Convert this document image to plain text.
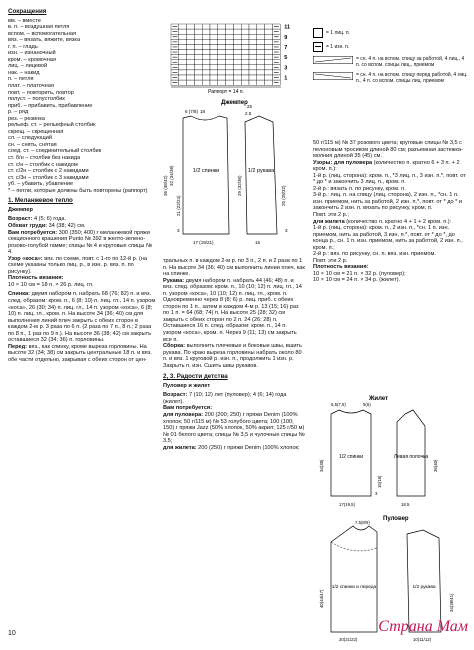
Сокращения

вм. – вместе

в. п. – воздушная петля

вспом. – вспомогательная

вяз. – вязать, вяжите, вязка

г. п. – гладь

изн. – изнаночный

кром. – кромочная

лиц. – лицевой

нак. – накид

п. – петля

плат. – платочная

повт. – повторить, повтор

полуст. – полустолбик

приб. – прибавить, прибавление

р. – ряд

рез. – резинка

рельеф. ст. – рельефный столбик

скрещ. – скрещенная

сл. – следующий

сн. – снять, снятая

соед. ст. – соединительный столбик

ст. б/н – столбик без накида

ст. с/н – столбик с накидом

ст. с/2н – столбик с 2 накидами

ст. с/3н – столбик с 3 накидами

уб. – убавить, убавление

* – петли, которые должны быть повторены (раппорт)

1. Меланжевое тепло

Джемпер

Возраст: 4 (5; 6) года.

Обхват груди: 34 (38; 42) см.

Вам потребуется: 300 (350; 400) г меланжевой пряжи секционного крашения Punto № 392 в желто-зелено-розово-голубой гамме; спицы № 4 и круговые спицы № 4.

Узор «коса»: вяз. по схеме, повт. с 1-го по 12-й р. (на схеме указаны только лиц. р., в изн. р. вяз. п. по рисунку).

Плотность вязания:

10 × 10 см = 18 п. × 26 р. лиц. гл.

Спинка: двумя набором п. набрать 68 (76; 82) п. и вяз. след. образом: кром. п., 6 (8; 10) п. лиц. гл., 14 п. узором «коса», 26 (30; 34) п. лиц. гл., 14 п. узором «коса», 6 (8; 10) п. лиц. гл., кром. п. На высоте 34 (36; 40) см для выполнения линий плеч закрыть с обеих сторон в каждом 2-м р. 3 раза по 6 п. (2 раза по 7 п., 8 п.; 2 раза по 8 п., 1 раз по 9 п.). На высоте 36 (38; 42) см закрыть оставшиеся 32 (34; 36) п. горловины.

Перед: вяз., как спинку, кроме выреза горловины. На высоте 32 (34; 38) см закрыть центральные 18 п. и вяз. обе части отдельно, закрывая с обеих сторон от цен-

11
9
7
5
3
1
Раппорт = 14 п.
= 1 лиц. п.
= 1 изн. п.
= сн. 4 п. на вспом. спицу за работой, 4 лиц., 4 п. со вспом. спицы лиц., приемом
= сн. 4 п. на вспом. спицу перед работой, 4 лиц. п., 4 п. со вспом. спицы лиц. приемом
Джемпер
1/2 спинки
6 (7/8) 18
32 (34/38)
36 (38/42)
21 (22/24)
3
17 (19/21)
1/2 рукава
25
2.5
25 (28/32)
29 (32/36)
3
16

тральных п. в каждом 2-м р. по 3 п., 2 п. и 2 раза по 1 п. На высоте 34 (36; 40) см выполнить линии плеч, как на спинке.

Рукава: двумя набором п. набрать 44 (46; 48) п. и вяз. след. образом: кром. п., 10 (10; 12) п. лиц. гл., 14 п. узором «коса», 10 (10; 12) п. лиц. гл., кром. п. Одновременно через 8 (8; 6) р. лиц. приб. с обеих сторон по 1 п., затем в каждом 4-м р. 13 (15; 16) раз по 1 п. = 64 (68; 74) п. На высоте 25 (28; 32) см закрыть с обеих сторон по 2 п. 24 (26; 28) п. Оставшиеся 16 п. след. образом: кром. п., 14 п. узором «коса», кром. п. Через 9 (11; 13) см закрыть все п.

Сборка: выполнить плечевые и боковые швы, вшить рукава. По краю выреза горловины набрать около 80 п. и вяз. 1 круговой р. изн. п., продолжить 1 изн. р. Закрыть п. изн. Сшить швы рукавов.

2, 3. Радости детства

Пуловер и жилет

Возраст: 7 (10; 12) лет (пуловер); 4 (6; 14) года (жилет).

Вам потребуется:

для пуловера: 200 (200; 250) г пряжи Denim (100% хлопок; 50 г/115 м) № 53 голубого цвета; 100 (100; 150) г пряжи Jazz (50% хлопок, 50% акрил; 125 г/50 м) № 01 белого цвета; спицы № 3,5 и чулочные спицы № 3,5;

для жилета: 200 (250) г пряжи Denim (100% хлопок;

50 г/115 м) № 37 розового цвета; круговые спицы № 3,5 с пелоновым тросиком длиной 80 см; разъемная застежка-молния длиной 35 (45) см.

Узоры: для пуловера (количество п. кратно 6 + 3 п. + 2 кром. п.):

1-й р. (лиц. сторона): кром. п., *3 лиц. п., 3 изн. п.*, повт. от * до * и закончить 3 лиц. п., кром. п.

2-й р.: вязать п. по рисунку, кром. п.

3-й р.: лиц. п. на спицу (лиц. сторона), 2 изн. п., *сн. 1 п. изн. приемом, нить за работой, 2 изн. п.*, повт. от * до * и закончить 2 изн. п. вязать по рисунку, кром. п.

Повт. эти 2 р.;

для жилета (количество п. кратно 4 + 1 + 2 кром. п.):

1-й р. (лиц. сторона): кром. п., 2 изн. п., *сн. 1 п. изн. приемом, нить за работой, 3 изн. п.*, повт. от * до *, до конца р., сн. 1 п. изн. приемом, нить за работой, 2 изн. п., кром. п.;

2-й р.: вяз. по рисунку, сн. п. вяз. изн. приемом.

Повт. эти 2 р.

Плотность вязания:

10 × 10 см = 21 п. × 32 р. (пуловер);

10 × 10 см = 24 п. × 34 р. (жилет).

Жилет
1/2 спинки	Левая полочка
6,5(7,5)	5(6)
34(38)	36(40)
16(18)
3
17(19,5)	18,5
Пуловер
1/2 спинки и переда	1/2 рукава
7,5(8/9)
20(21/22)
40(44/47)	34(38/41)
10(11/12)
10	Страна Мам
